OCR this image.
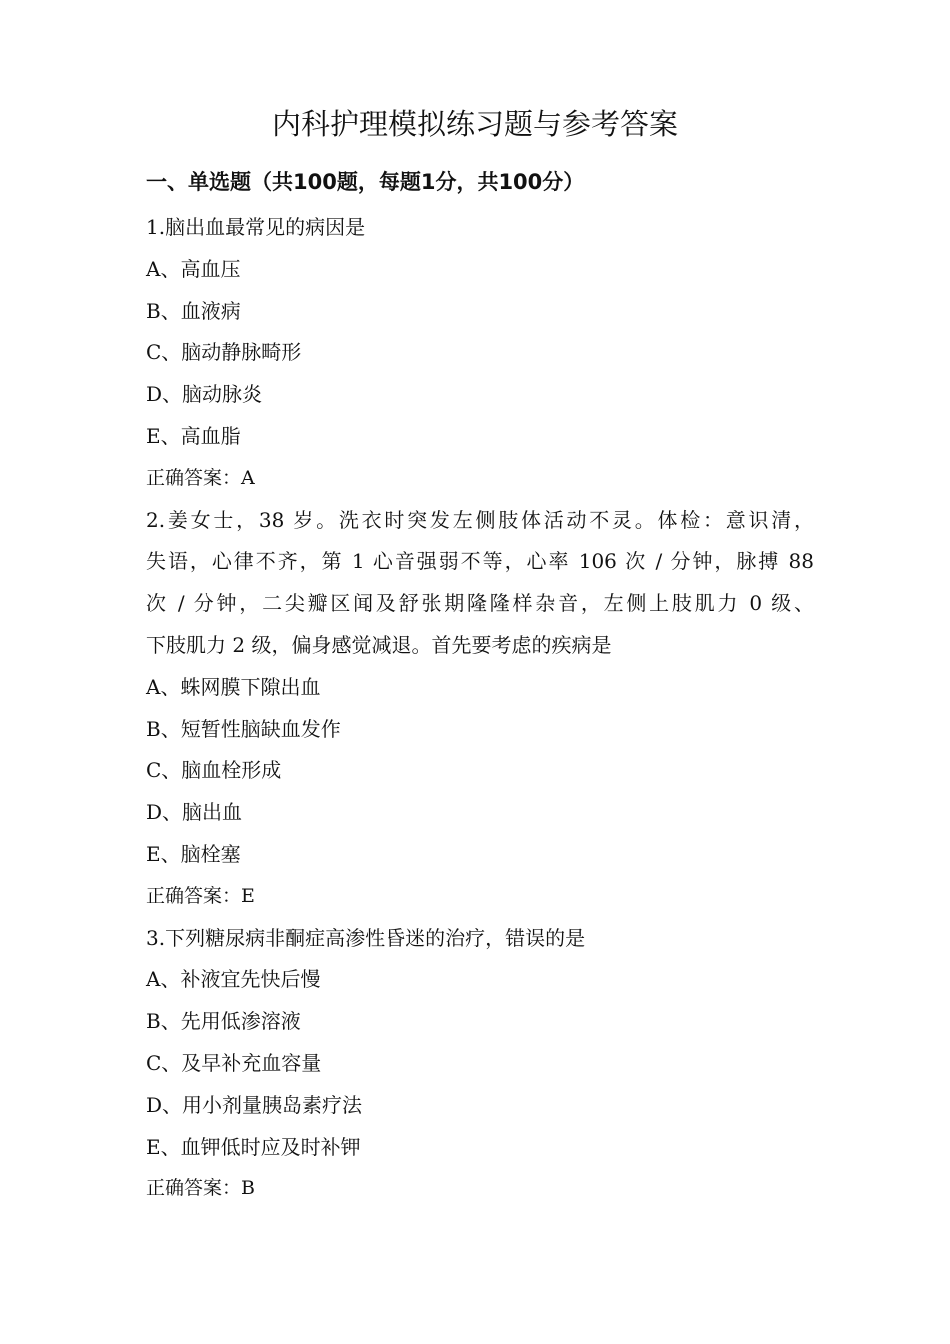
内科护理模拟练习题与参考答案
一、单选题（共100题，每题1分，共100分）
1.脑出血最常见的病因是
A、高血压
B、血液病
C、脑动静脉畸形
D、脑动脉炎
E、高血脂
正确答案：A
2.姜女士，38 岁。洗衣时突发左侧肢体活动不灵。体检：意识清，
失语，心律不齐，第 1 心音强弱不等，心率 106 次 / 分钟，脉搏 88
次 / 分钟，二尖瓣区闻及舒张期隆隆样杂音，左侧上肢肌力 0 级、
下肢肌力 2 级，偏身感觉减退。首先要考虑的疾病是
A、蛛网膜下隙出血
B、短暂性脑缺血发作
C、脑血栓形成
D、脑出血
E、脑栓塞
正确答案：E
3.下列糖尿病非酮症高渗性昏迷的治疗，错误的是
A、补液宜先快后慢
B、先用低渗溶液
C、及早补充血容量
D、用小剂量胰岛素疗法
E、血钾低时应及时补钾
正确答案：B
